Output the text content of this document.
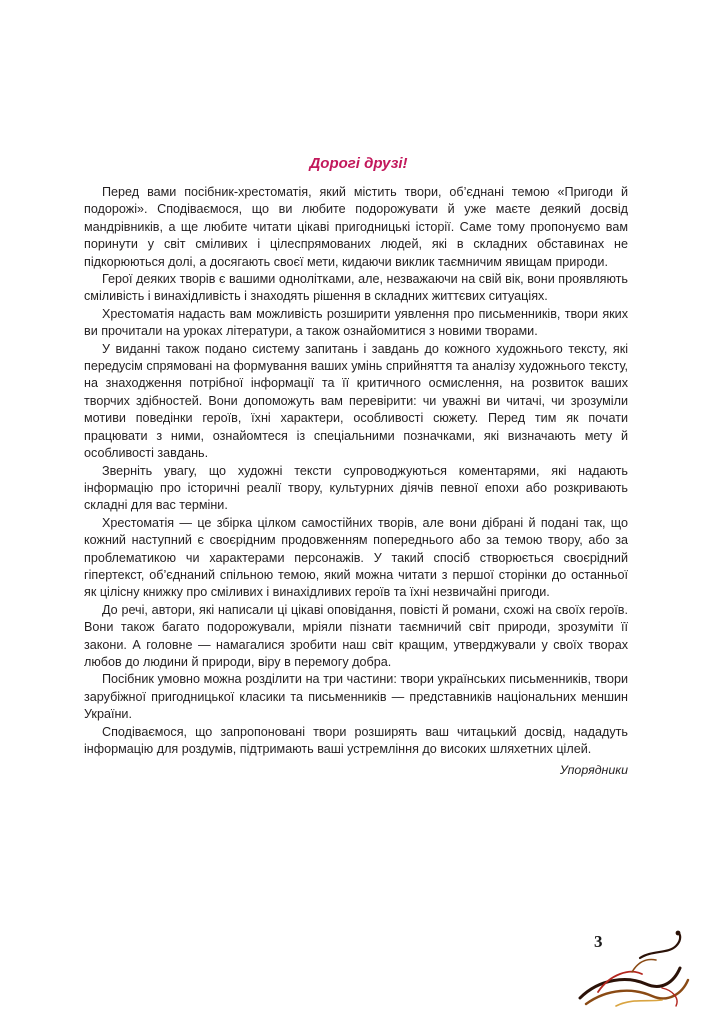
Дорогі друзі!

Перед вами посібник-хрестоматія, який містить твори, об’єднані темою «Пригоди й подорожі». Сподіваємося, що ви любите подорожувати й уже маєте деякий досвід мандрівників, а ще любите читати цікаві пригодницькі історії. Саме тому пропонуємо вам поринути у світ сміливих і цілеспрямованих людей, які в складних обставинах не підкорюються долі, а досягають своєї мети, кидаючи виклик таємничим явищам природи.

Герої деяких творів є вашими однолітками, але, незважаючи на свій вік, вони проявляють сміливість і винахідливість і знаходять рішення в складних життєвих ситуаціях.

Хрестоматія надасть вам можливість розширити уявлення про письменників, твори яких ви прочитали на уроках літератури, а також ознайомитися з новими творами.

У виданні також подано систему запитань і завдань до кожного художнього тексту, які передусім спрямовані на формування ваших умінь сприйняття та аналізу художнього тексту, на знаходження потрібної інформації та її критичного осмислення, на розвиток ваших творчих здібностей. Вони допоможуть вам перевірити: чи уважні ви читачі, чи зрозуміли мотиви поведінки героїв, їхні характери, особливості сюжету. Перед тим як почати працювати з ними, ознайомтеся із спеціальними позначками, які визначають мету й особливості завдань.

Зверніть увагу, що художні тексти супроводжуються коментарями, які надають інформацію про історичні реалії твору, культурних діячів певної епохи або розкривають складні для вас терміни.

Хрестоматія — це збірка цілком самостійних творів, але вони дібрані й подані так, що кожний наступний є своєрідним продовженням попереднього або за темою твору, або за проблематикою чи характерами персонажів. У такий спосіб створюється своєрідний гіпертекст, об’єднаний спільною темою, який можна читати з першої сторінки до останньої як цілісну книжку про сміливих і винахідливих героїв та їхні незвичайні пригоди.

До речі, автори, які написали ці цікаві оповідання, повісті й романи, схожі на своїх героїв. Вони також багато подорожували, мріяли пізнати таємничий світ природи, зрозуміти її закони. А головне — намагалися зробити наш світ кращим, утверджували у своїх творах любов до людини й природи, віру в перемогу добра.

Посібник умовно можна розділити на три частини: твори українських письменників, твори зарубіжної пригодницької класики та письменників — представників національних меншин України.

Сподіваємося, що запропоновані твори розширять ваш читацький досвід, нададуть інформацію для роздумів, підтримають ваші устремління до високих шляхетних цілей.

Упорядники
3
